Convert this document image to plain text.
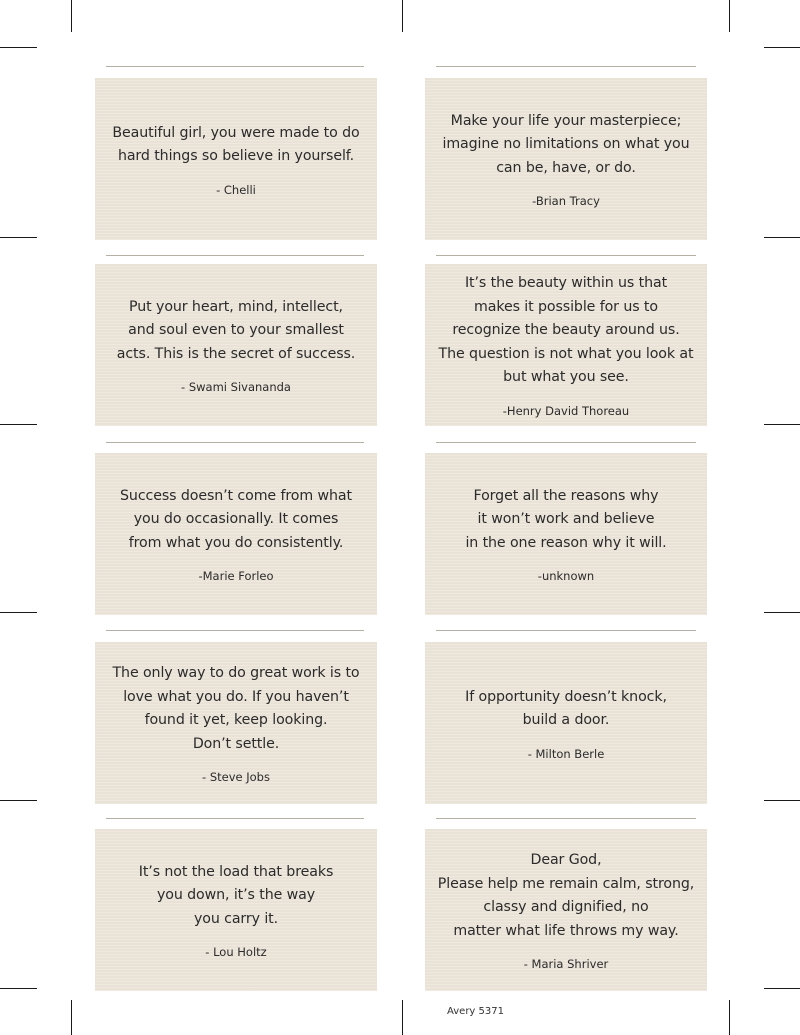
Beautiful girl, you were made to do
hard things so believe in yourself.
- Chelli
Make your life your masterpiece;
imagine no limitations on what you
can be, have, or do.
-Brian Tracy
Put your heart, mind, intellect,
and soul even to your smallest
acts. This is the secret of success.
- Swami Sivananda
It’s the beauty within us that
makes it possible for us to
recognize the beauty around us.
The question is not what you look at
but what you see.
-Henry David Thoreau
Success doesn’t come from what
you do occasionally. It comes
from what you do consistently.
-Marie Forleo
Forget all the reasons why
it won’t work and believe
in the one reason why it will.
-unknown
The only way to do great work is to
love what you do. If you haven’t
found it yet, keep looking.
Don’t settle.
- Steve Jobs
If opportunity doesn’t knock,
build a door.
- Milton Berle
It’s not the load that breaks
you down, it’s the way
you carry it.
- Lou Holtz
Dear God,
Please help me remain calm, strong,
classy and dignified, no
matter what life throws my way.
- Maria Shriver
Avery 5371
